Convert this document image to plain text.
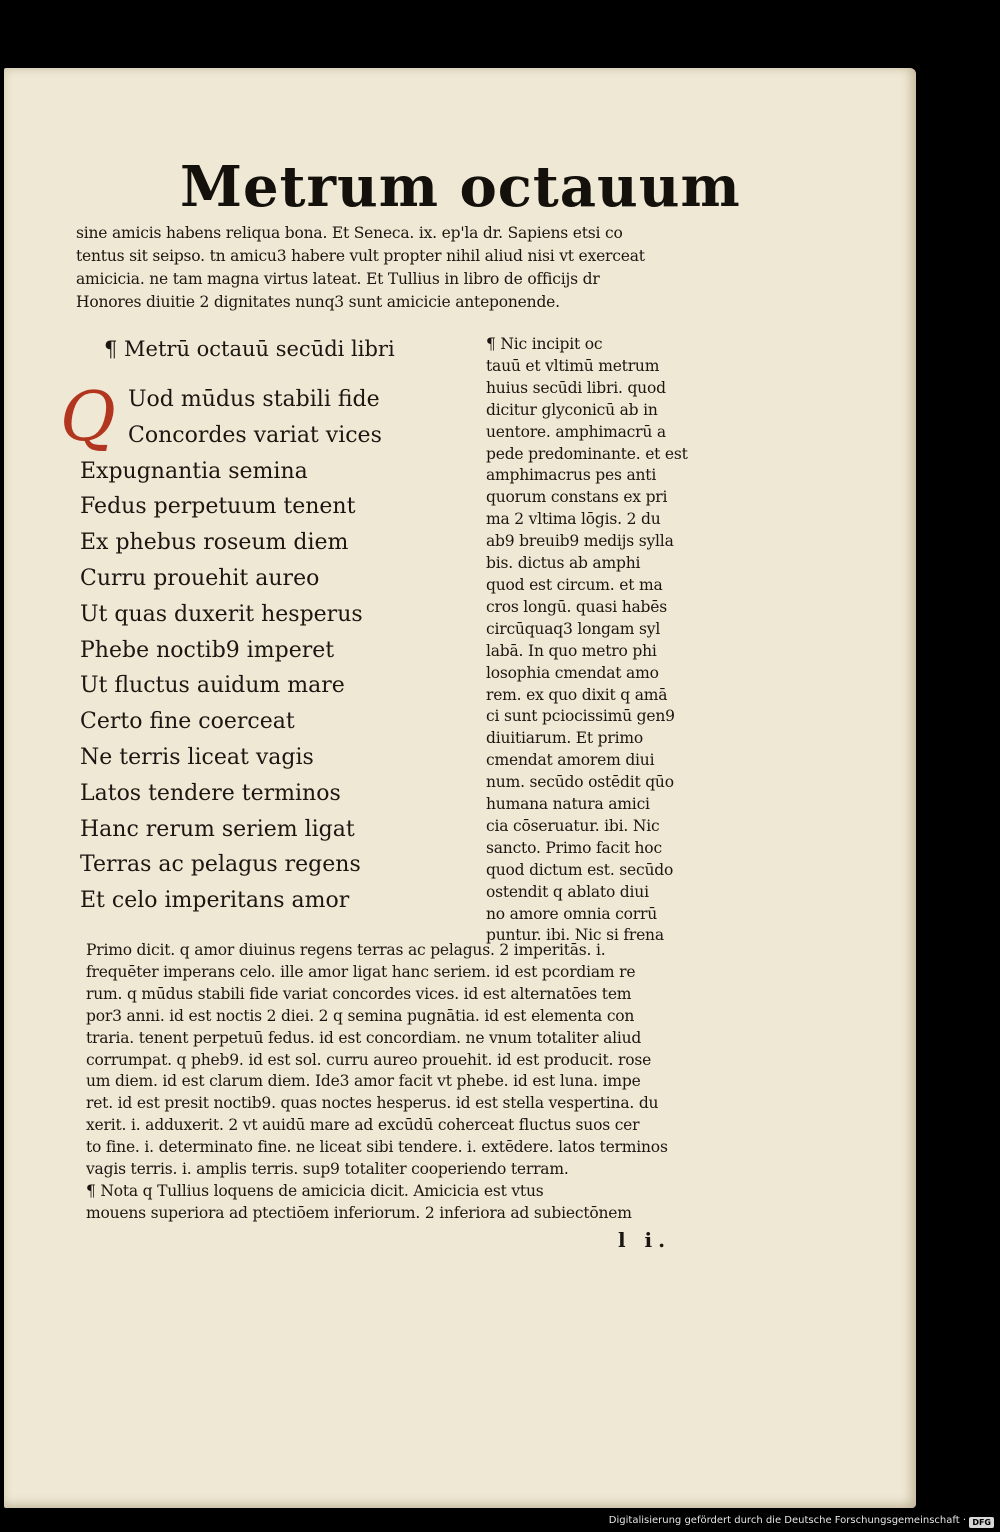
Metrum octauum
sine amicis habens reliqua bona. Et Seneca. ix. ep'la dr. Sapiens etsi co
tentus sit seipso. tn amicu3 habere vult propter nihil aliud nisi vt exerceat
amicicia. ne tam magna virtus lateat. Et Tullius in libro de officijs dr
Honores diuitie 2 dignitates nunq3 sunt amicicie anteponende.
¶ Metrū octauū secūdi libri
Q Uod mūdus stabili fide
Concordes variat vices
Expugnantia semina
Fedus perpetuum tenent
Ex phebus roseum diem
Curru prouehit aureo
Ut quas duxerit hesperus
Phebe noctib9 imperet
Ut fluctus auidum mare
Certo fine coerceat
Ne terris liceat vagis
Latos tendere terminos
Hanc rerum seriem ligat
Terras ac pelagus regens
Et celo imperitans amor
¶ Nic incipit oc
tauū et vltimū metrum
huius secūdi libri. quod
dicitur glyconicū ab in
uentore. amphimacrū a
pede predominante. et est
amphimacrus pes anti
quorum constans ex pri
ma 2 vltima lōgis. 2 du
ab9 breuib9 medijs sylla
bis. dictus ab amphi
quod est circum. et ma
cros longū. quasi habēs
circūquaq3 longam syl
labā. In quo metro phi
losophia cmendat amo
rem. ex quo dixit q amā
ci sunt pciocissimū gen9
diuitiarum. Et primo
cmendat amorem diui
num. secūdo ostēdit qūo
humana natura amici
cia cōseruatur. ibi. Nic
sancto. Primo facit hoc
quod dictum est. secūdo
ostendit q ablato diui
no amore omnia corrū
puntur. ibi. Nic si frena
Primo dicit. q amor diuinus regens terras ac pelagus. 2 imperitās. i.
frequēter imperans celo. ille amor ligat hanc seriem. id est pcordiam re
rum. q mūdus stabili fide variat concordes vices. id est alternatōes tem
por3 anni. id est noctis 2 diei. 2 q semina pugnātia. id est elementa con
traria. tenent perpetuū fedus. id est concordiam. ne vnum totaliter aliud
corrumpat. q pheb9. id est sol. curru aureo prouehit. id est producit. rose
um diem. id est clarum diem. Ide3 amor facit vt phebe. id est luna. impe
ret. id est presit noctib9. quas noctes hesperus. id est stella vespertina. du
xerit. i. adduxerit. 2 vt auidū mare ad excūdū coherceat fluctus suos cer
to fine. i. determinato fine. ne liceat sibi tendere. i. extēdere. latos terminos
vagis terris. i. amplis terris. sup9 totaliter cooperiendo terram.
¶ Nota q Tullius loquens de amicicia dicit. Amicicia est vtus
mouens superiora ad ptectiōem inferiorum. 2 inferiora ad subiectōnem
l i.
Digitalisierung gefördert durch die Deutsche Forschungsgemeinschaft · DFG
